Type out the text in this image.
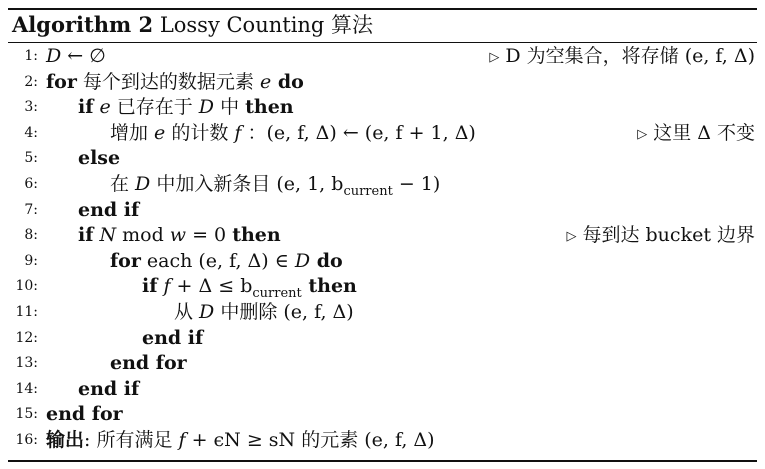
Algorithm 2 Lossy Counting 算法
1: D ← ∅	▷ D 为空集合，将存储 (e, f, Δ)
2: for 每个到达的数据元素 e do
3: if e 已存在于 D 中 then
4:	增加 e 的计数 f ：(e, f, Δ) ← (e, f + 1, Δ)	▷ 这里 Δ 不变
5: else
6:	在 D 中加入新条目 (e, 1, $b_{current} - 1$)
7: end if
8: if N mod w = 0 then	▷ 每到达 bucket 边界
9:	for each (e, f, Δ) ∈ D do
10:	if $f + \Delta \le b_{current}$ then
11:	从 D 中删除 (e, f, Δ)
12:	end if
13:	end for
14: end if
15: end for
16: 输出: 所有满足 f + ϵN ≥ sN 的元素 (e, f, Δ)
